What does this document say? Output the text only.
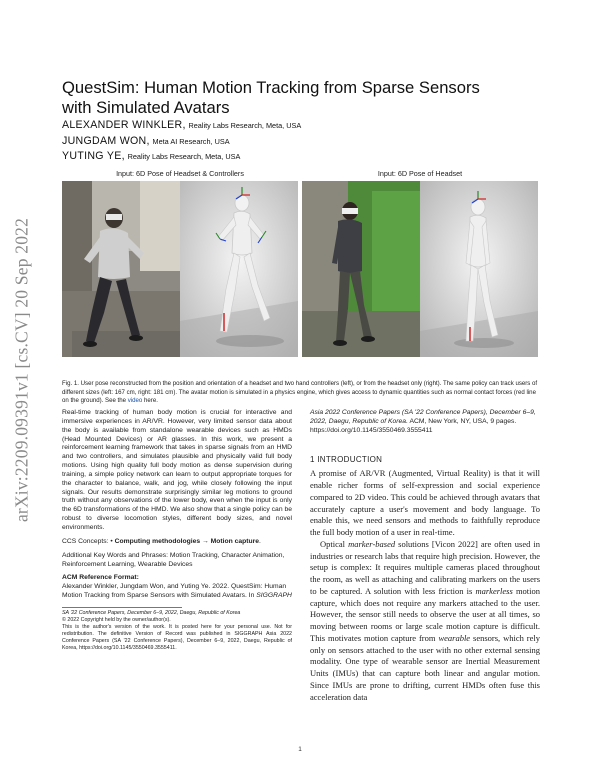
arXiv:2209.09391v1 [cs.CV] 20 Sep 2022
QuestSim: Human Motion Tracking from Sparse Sensors with Simulated Avatars
ALEXANDER WINKLER, Reality Labs Research, Meta, USA
JUNGDAM WON, Meta AI Research, USA
YUTING YE, Reality Labs Research, Meta, USA
Input: 6D Pose of Headset & Controllers	Input: 6D Pose of Headset
Fig. 1. User pose reconstructed from the position and orientation of a headset and two hand controllers (left), or from the headset only (right). The same policy can track users of different sizes (left: 167 cm, right: 181 cm). The avatar motion is simulated in a physics engine, which gives access to dynamic quantities such as normal contact forces (red line on the ground). See the video here.

Real-time tracking of human body motion is crucial for interactive and immersive experiences in AR/VR. However, very limited sensor data about the body is available from standalone wearable devices such as HMDs (Head Mounted Devices) or AR glasses. In this work, we present a reinforcement learning framework that takes in sparse signals from an HMD and two controllers, and simulates plausible and physically valid full body motions. Using high quality full body motion as dense supervision during training, a simple policy network can learn to output appropriate torques for the character to balance, walk, and jog, while closely following the input signals. Our results demonstrate surprisingly similar leg motions to ground truth without any observations of the lower body, even when the input is only the 6D transformations of the HMD. We also show that a single policy can be robust to diverse locomotion styles, different body sizes, and novel environments.

CCS Concepts: • Computing methodologies → Motion capture.

Additional Key Words and Phrases: Motion Tracking, Character Animation, Reinforcement Learning, Wearable Devices

ACM Reference Format:

Alexander Winkler, Jungdam Won, and Yuting Ye. 2022. QuestSim: Human Motion Tracking from Sparse Sensors with Simulated Avatars. In SIGGRAPH

SA '22 Conference Papers, December 6–9, 2022, Daegu, Republic of Korea

© 2022 Copyright held by the owner/author(s).

This is the author's version of the work. It is posted here for your personal use. Not for redistribution. The definitive Version of Record was published in SIGGRAPH Asia 2022 Conference Papers (SA '22 Conference Papers), December 6–9, 2022, Daegu, Republic of Korea, https://doi.org/10.1145/3550469.3555411.

Asia 2022 Conference Papers (SA '22 Conference Papers), December 6–9, 2022, Daegu, Republic of Korea. ACM, New York, NY, USA, 9 pages. https://doi.org/10.1145/3550469.3555411

1 INTRODUCTION

A promise of AR/VR (Augmented, Virtual Reality) is that it will enable richer forms of self-expression and social experience compared to 2D video. This could be achieved through avatars that accurately capture a user's movement and body language. To enable this, we need sensors and methods to faithfully reproduce the full body motion of a user in real-time.

Optical marker-based solutions [Vicon 2022] are often used in industries or research labs that require high precision. However, the setup is complex: It requires multiple cameras placed throughout the room, as well as attaching and calibrating markers on the users to be captured. A solution with less friction is markerless motion capture, which does not require any markers attached to the user. However, the sensor still needs to observe the user at all times, so moving between rooms or large scale motion capture is difficult. This motivates motion capture from wearable sensors, which rely only on sensors attached to the user with no other external sensing modality. One type of wearable sensor are Inertial Measurement Units (IMUs) that can capture both linear and angular motion. Since IMUs are prone to drifting, current HMDs often fuse this acceleration data

1
